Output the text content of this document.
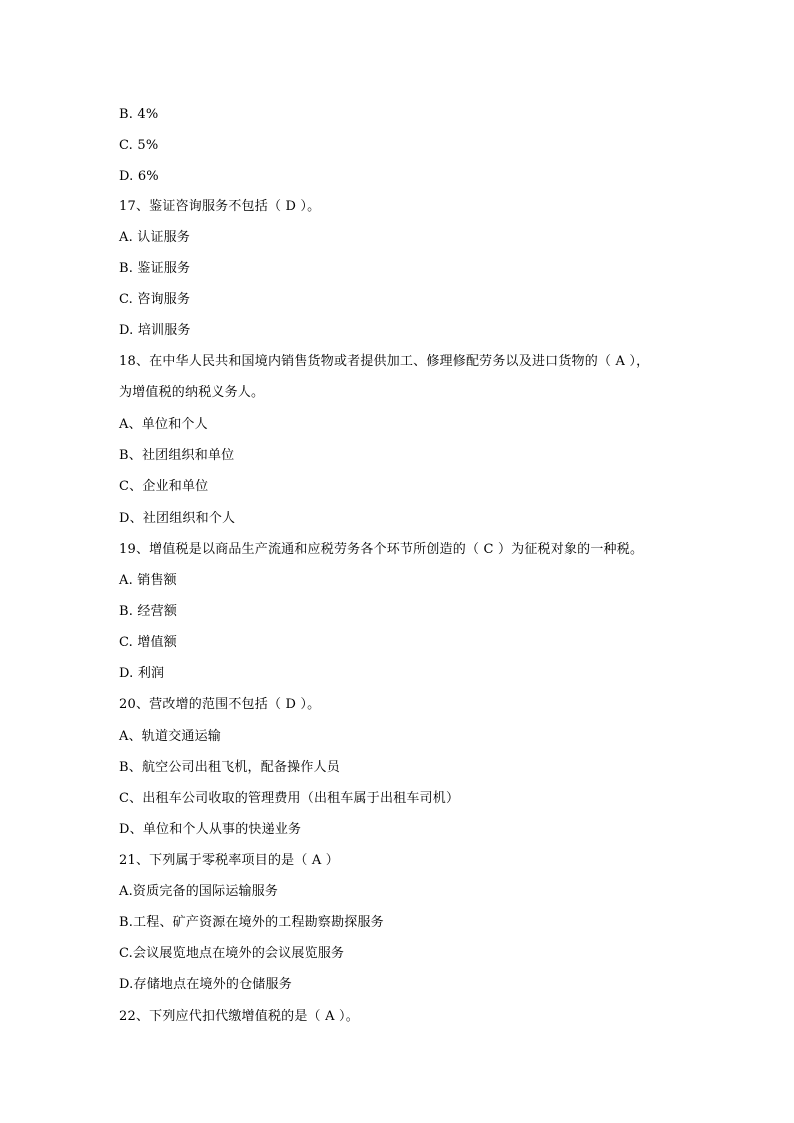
B. 4%
C. 5%
D. 6%
17、鉴证咨询服务不包括（ D ）。
A. 认证服务
B. 鉴证服务
C. 咨询服务
D. 培训服务
18、在中华人民共和国境内销售货物或者提供加工、修理修配劳务以及进口货物的（ A ），
为增值税的纳税义务人。
A、单位和个人
B、社团组织和单位
C、企业和单位
D、社团组织和个人
19、增值税是以商品生产流通和应税劳务各个环节所创造的（ C ）为征税对象的一种税。
A. 销售额
B. 经营额
C. 增值额
D. 利润
20、营改增的范围不包括（ D ）。
A、轨道交通运输
B、航空公司出租飞机，配备操作人员
C、出租车公司收取的管理费用（出租车属于出租车司机）
D、单位和个人从事的快递业务
21、下列属于零税率项目的是（ A ）
A.资质完备的国际运输服务
B.工程、矿产资源在境外的工程勘察勘探服务
C.会议展览地点在境外的会议展览服务
D.存储地点在境外的仓储服务
22、下列应代扣代缴增值税的是（ A ）。
